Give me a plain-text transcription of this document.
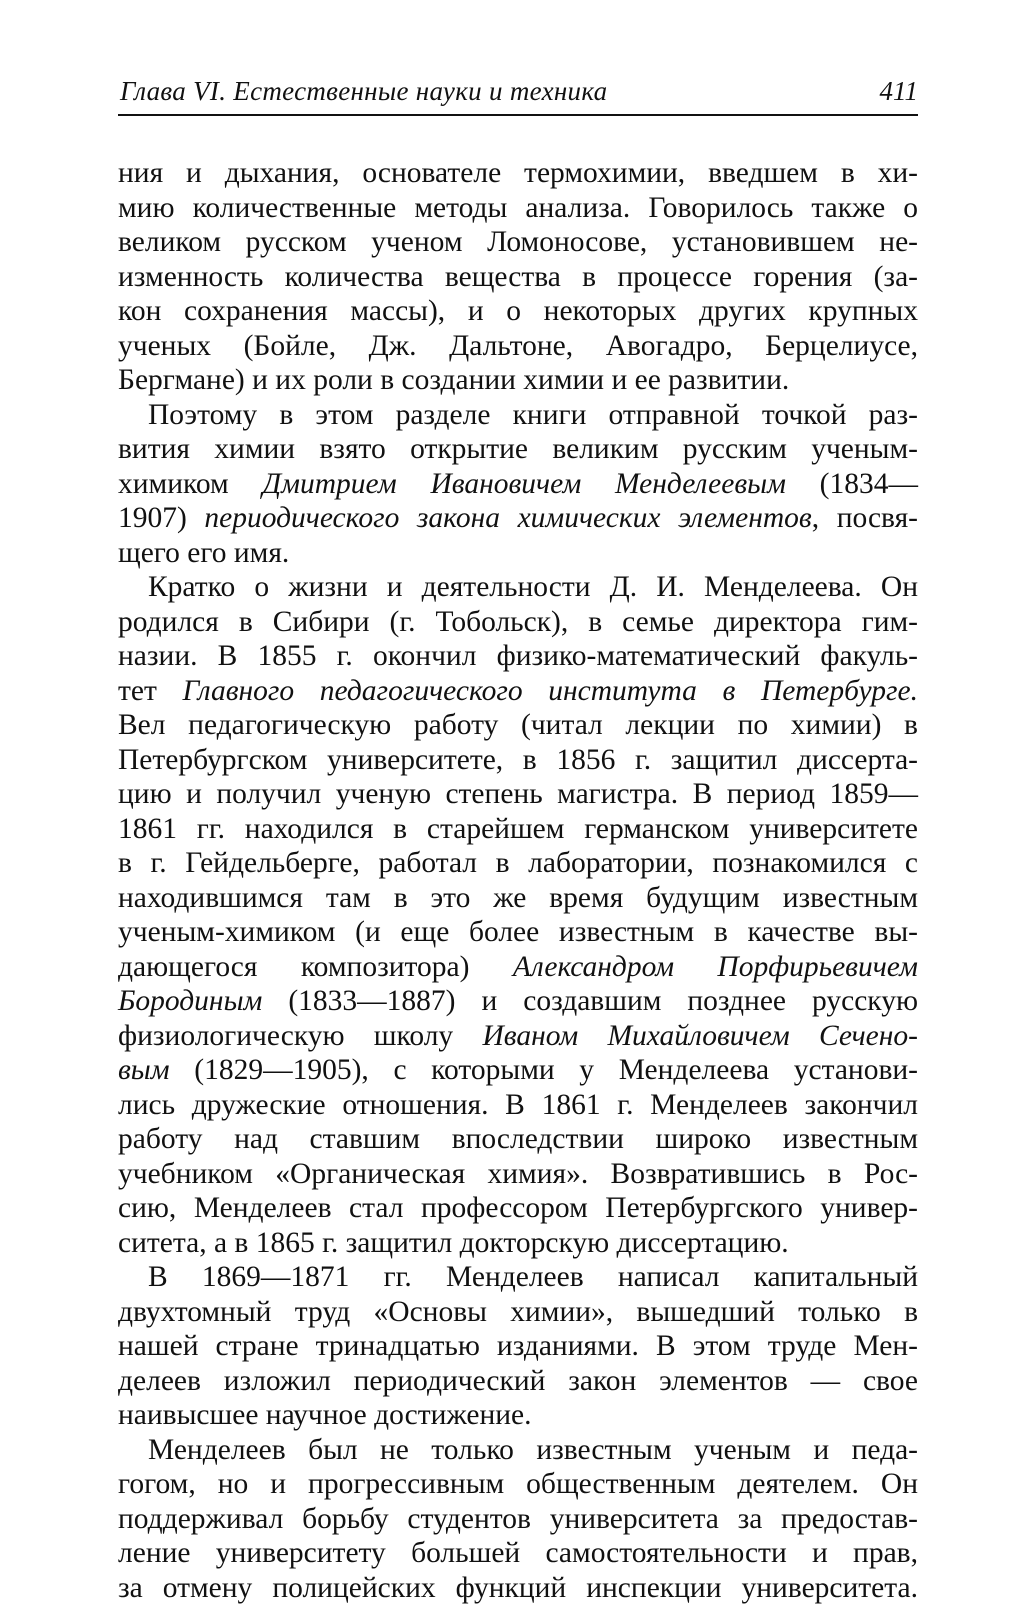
Глава VI. Естественные науки и техника	411
ния и дыхания, основателе термохимии, введшем в хи-
мию количественные методы анализа. Говорилось также о
великом русском ученом Ломоносове, установившем не-
изменность количества вещества в процессе горения (за-
кон сохранения массы), и о некоторых других крупных
ученых (Бойле, Дж. Дальтоне, Авогадро, Берцелиусе,
Бергмане) и их роли в создании химии и ее развитии.
Поэтому в этом разделе книги отправной точкой раз-
вития химии взято открытие великим русским ученым-
химиком Дмитрием Ивановичем Менделеевым (1834—
1907) периодического закона химических элементов, посвя-
щего его имя.
Кратко о жизни и деятельности Д. И. Менделеева. Он
родился в Сибири (г. Тобольск), в семье директора гим-
назии. В 1855 г. окончил физико-математический факуль-
тет Главного педагогического института в Петербурге.
Вел педагогическую работу (читал лекции по химии) в
Петербургском университете, в 1856 г. защитил диссерта-
цию и получил ученую степень магистра. В период 1859—
1861 гг. находился в старейшем германском университете
в г. Гейдельберге, работал в лаборатории, познакомился с
находившимся там в это же время будущим известным
ученым-химиком (и еще более известным в качестве вы-
дающегося композитора) Александром Порфирьевичем
Бородиным (1833—1887) и создавшим позднее русскую
физиологическую школу Иваном Михайловичем Сечено-
вым (1829—1905), с которыми у Менделеева установи-
лись дружеские отношения. В 1861 г. Менделеев закончил
работу над ставшим впоследствии широко известным
учебником «Органическая химия». Возвратившись в Рос-
сию, Менделеев стал профессором Петербургского универ-
ситета, а в 1865 г. защитил докторскую диссертацию.
В 1869—1871 гг. Менделеев написал капитальный
двухтомный труд «Основы химии», вышедший только в
нашей стране тринадцатью изданиями. В этом труде Мен-
делеев изложил периодический закон элементов — свое
наивысшее научное достижение.
Менделеев был не только известным ученым и педа-
гогом, но и прогрессивным общественным деятелем. Он
поддерживал борьбу студентов университета за предостав-
ление университету большей самостоятельности и прав,
за отмену полицейских функций инспекции университета.
